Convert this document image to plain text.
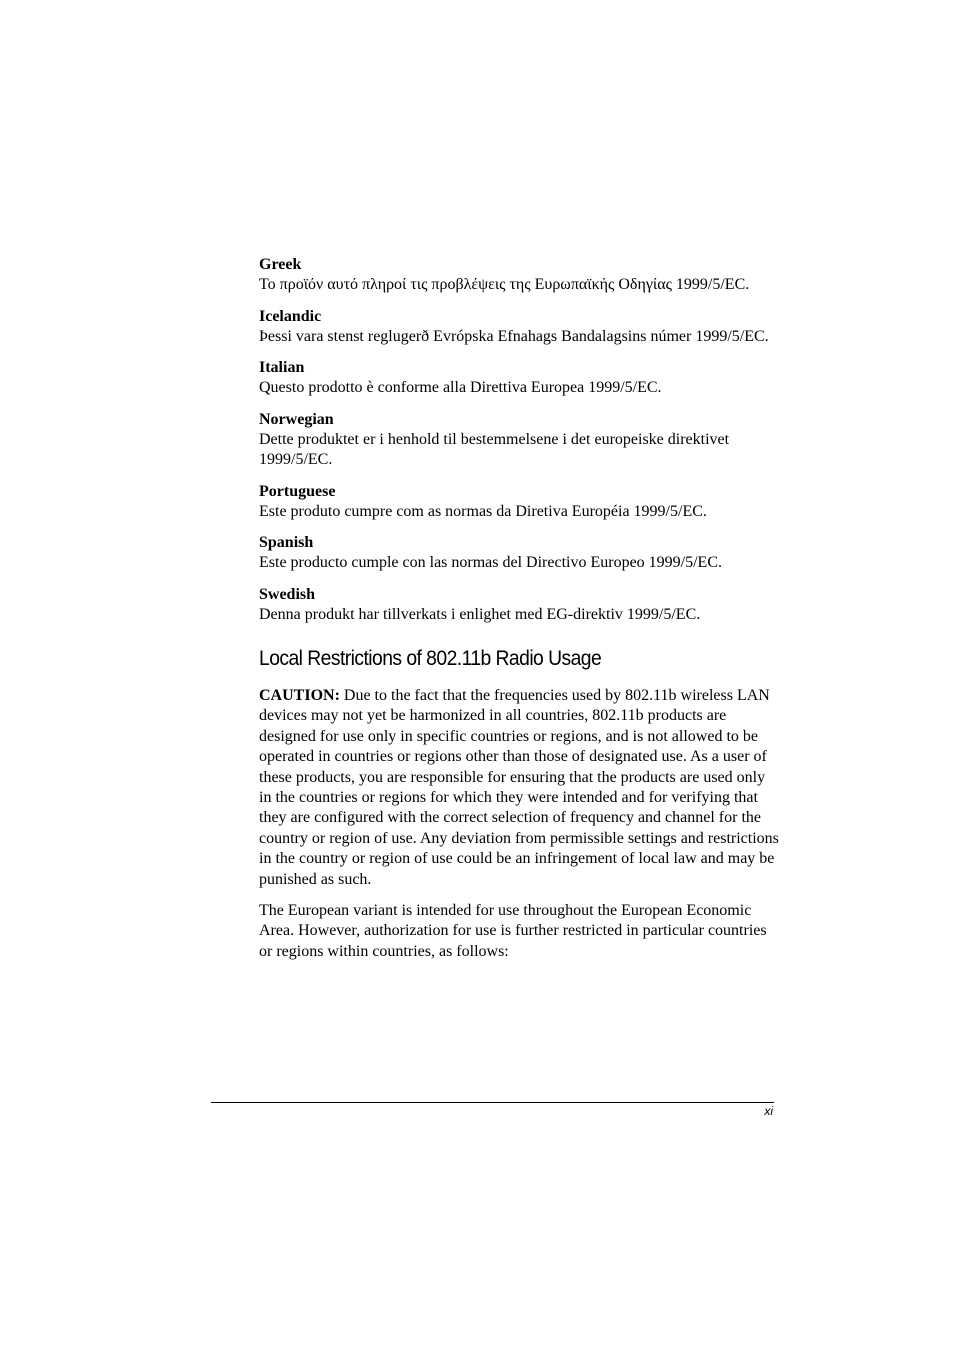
Greek
Το προϊόν αυτό πληροί τις προβλέψεις της Ευρωπαϊκής Οδηγίας 1999/5/EC.
Icelandic
Þessi vara stenst reglugerð Evrópska Efnahags Bandalagsins númer 1999/5/EC.
Italian
Questo prodotto è conforme alla Direttiva Europea 1999/5/EC.
Norwegian
Dette produktet er i henhold til bestemmelsene i det europeiske direktivet 1999/5/EC.
Portuguese
Este produto cumpre com as normas da Diretiva Européia 1999/5/EC.
Spanish
Este producto cumple con las normas del Directivo Europeo 1999/5/EC.
Swedish
Denna produkt har tillverkats i enlighet med EG-direktiv 1999/5/EC.
Local Restrictions of 802.11b Radio Usage

CAUTION: Due to the fact that the frequencies used by 802.11b wireless LAN devices may not yet be harmonized in all countries, 802.11b products are designed for use only in specific countries or regions, and is not allowed to be operated in countries or regions other than those of designated use. As a user of these products, you are responsible for ensuring that the products are used only in the countries or regions for which they were intended and for verifying that they are configured with the correct selection of frequency and channel for the country or region of use. Any deviation from permissible settings and restrictions in the country or region of use could be an infringement of local law and may be punished as such.

The European variant is intended for use throughout the European Economic Area. However, authorization for use is further restricted in particular countries or regions within countries, as follows:

xi
